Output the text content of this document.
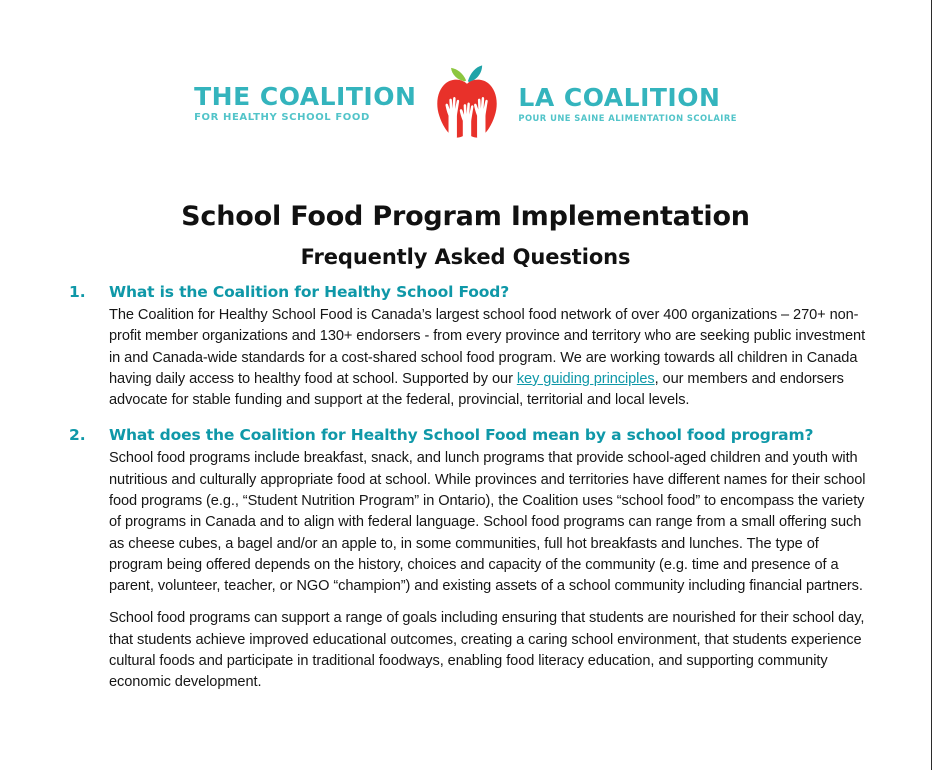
THE COALITION
FOR HEALTHY SCHOOL FOOD
LA COALITION
POUR UNE SAINE ALIMENTATION SCOLAIRE
School Food Program Implementation
Frequently Asked Questions
1.	What is the Coalition for Healthy School Food?

The Coalition for Healthy School Food is Canada’s largest school food network of over 400 organizations – 270+ non-profit member organizations and 130+ endorsers - from every province and territory who are seeking public investment in and Canada-wide standards for a cost-shared school food program. We are working towards all children in Canada having daily access to healthy food at school. Supported by our key guiding principles, our members and endorsers advocate for stable funding and support at the federal, provincial, territorial and local levels.

2.	What does the Coalition for Healthy School Food mean by a school food program?

School food programs include breakfast, snack, and lunch programs that provide school-aged children and youth with nutritious and culturally appropriate food at school. While provinces and territories have different names for their school food programs (e.g., “Student Nutrition Program” in Ontario), the Coalition uses “school food” to encompass the variety of programs in Canada and to align with federal language. School food programs can range from a small offering such as cheese cubes, a bagel and/or an apple to, in some communities, full hot breakfasts and lunches. The type of program being offered depends on the history, choices and capacity of the community (e.g. time and presence of a parent, volunteer, teacher, or NGO “champion”) and existing assets of a school community including financial partners.

School food programs can support a range of goals including ensuring that students are nourished for their school day, that students achieve improved educational outcomes, creating a caring school environment, that students experience cultural foods and participate in traditional foodways, enabling food literacy education, and supporting community economic development.
